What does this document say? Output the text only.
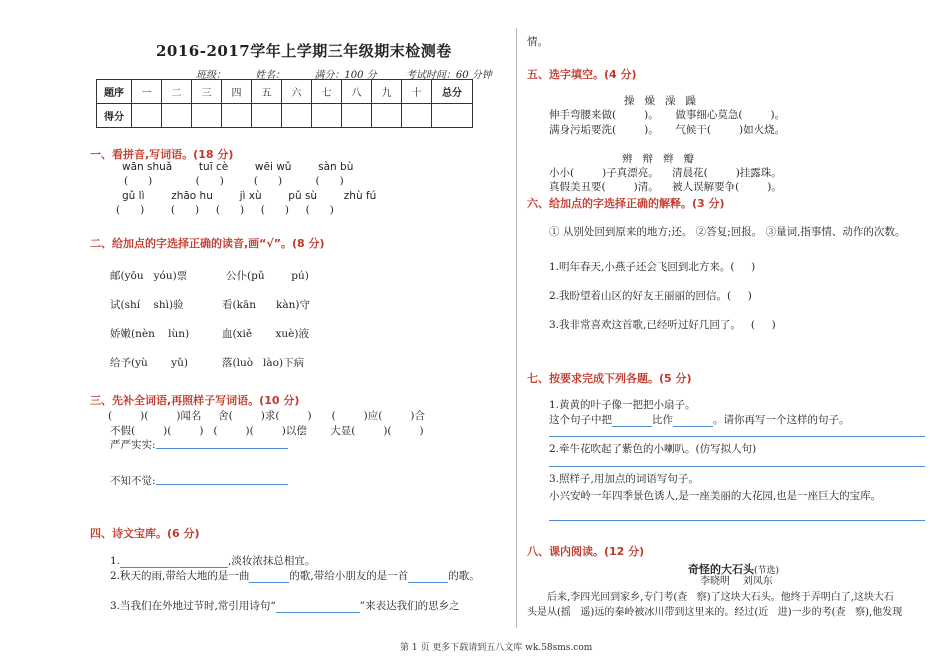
2016-2017学年上学期三年级期末检测卷
班级：	姓名：	满分：100 分	考试时间：60 分钟
题序	一	二	三	四	五	六	七	八	九	十	总分
得分											
一、看拼音,写词语。(18 分)
wān shuǎ        tuī cè        wēi wǔ        sàn bù
(      )             (      )         (      )          (      )
gǔ lì        zhāo hu        jì xù        pǔ sù        zhù fú
(      )        (      )     (      )     (      )     (      )
二、给加点的字选择正确的读音,画“√”。(8 分)
邮(yōu   yóu)票	公仆(pǔ        pú)
试(shí    shì)验	看(kān      kàn)守
娇嫩(nèn    lùn)	血(xiě       xuè)液
给予(yù       yǔ)	落(luò   lào)下病
三、先补全词语,再照样子写词语。(10 分)
(	)(	)闻名 舍(	)求(	)      (	)应(	)合
不假(	)(	)   (	)(	)以偿 大显(	)(	)
严严实实:
不知不觉:
四、诗文宝库。(6 分)
1.	,淡妆浓抹总相宜。
2.秋天的雨,带给大地的是一曲	的歌,带给小朋友的是一首	的歌。
3.当我们在外地过节时,常引用诗句“	”来表达我们的思乡之
情。
五、选字填空。(4 分)
操   燥   澡   躁
伸手弯腰来做(	)。 做事细心莫急(	)。
满身污垢要洗(	)。 气候干(	)如火烧。
辨   辩   辫   瓣
小小(	)子真漂亮。 清晨花(	)挂露珠。
真假美丑要(	)清。 被人误解要争(	)。
六、给加点的字选择正确的解释。(3 分)
① 从别处回到原来的地方;还。 ②答复;回报。 ③量词,指事情、动作的次数。
1.明年春天,小燕子还会飞回到北方来。(     )
2.我盼望着山区的好友王丽丽的回信。(     )
3.我非常喜欢这首歌,已经听过好几回了。   (     )
七、按要求完成下列各题。(5 分)
1.黄黄的叶子像一把把小扇子。
这个句子中把	比作	。请你再写一个这样的句子。
2.牵牛花吹起了紫色的小喇叭。(仿写拟人句)
3.照样子,用加点的词语写句子。
小兴安岭一年四季景色诱人,是一座美丽的大花园,也是一座巨大的宝库。
八、课内阅读。(12 分)
奇怪的大石头(节选)
李晓明    刘凤东
后来,李四光回到家乡,专门考(查   察)了这块大石头。他终于弄明白了,这块大石
头是从(摇   遥)远的秦岭被冰川带到这里来的。经过(近   进)一步的考(查   察),他发现
第 1 页 更多下载请到五八文库 wk.58sms.com
